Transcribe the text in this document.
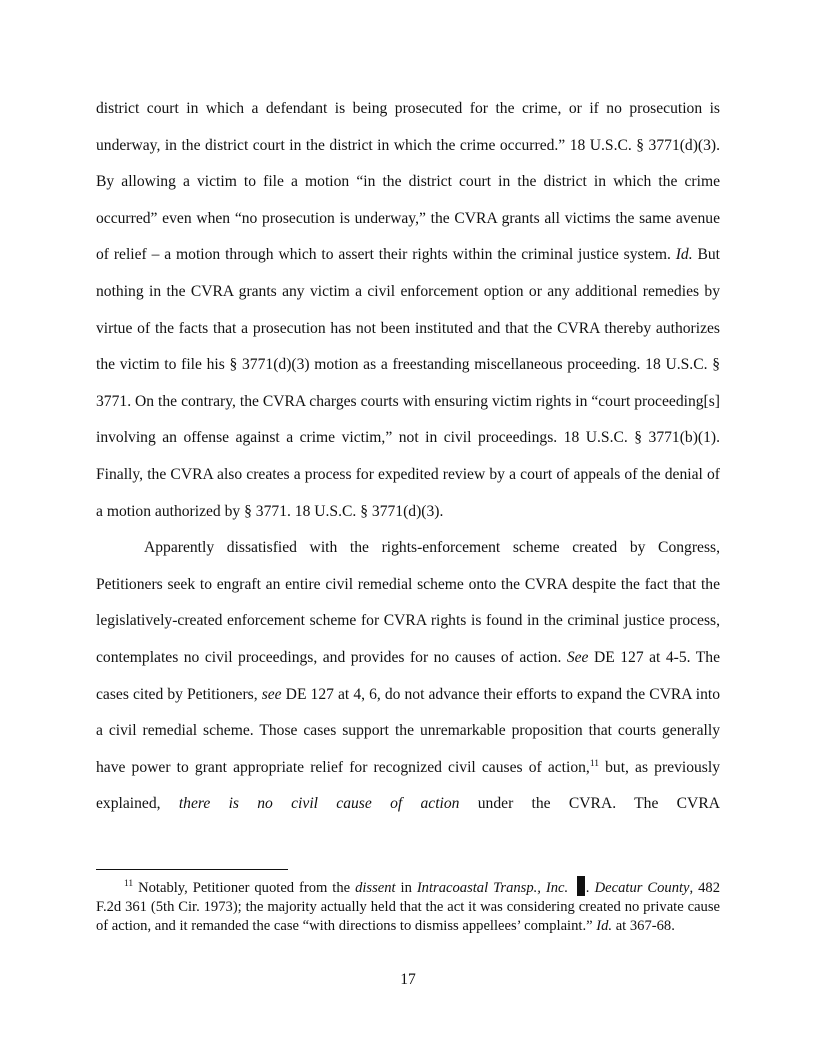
district court in which a defendant is being prosecuted for the crime, or if no prosecution is underway, in the district court in the district in which the crime occurred.” 18 U.S.C. § 3771(d)(3). By allowing a victim to file a motion “in the district court in the district in which the crime occurred” even when “no prosecution is underway,” the CVRA grants all victims the same avenue of relief – a motion through which to assert their rights within the criminal justice system. Id. But nothing in the CVRA grants any victim a civil enforcement option or any additional remedies by virtue of the facts that a prosecution has not been instituted and that the CVRA thereby authorizes the victim to file his § 3771(d)(3) motion as a freestanding miscellaneous proceeding. 18 U.S.C. § 3771. On the contrary, the CVRA charges courts with ensuring victim rights in “court proceeding[s] involving an offense against a crime victim,” not in civil proceedings. 18 U.S.C. § 3771(b)(1). Finally, the CVRA also creates a process for expedited review by a court of appeals of the denial of a motion authorized by § 3771. 18 U.S.C. § 3771(d)(3).

Apparently dissatisfied with the rights-enforcement scheme created by Congress, Petitioners seek to engraft an entire civil remedial scheme onto the CVRA despite the fact that the legislatively-created enforcement scheme for CVRA rights is found in the criminal justice process, contemplates no civil proceedings, and provides for no causes of action. See DE 127 at 4-5. The cases cited by Petitioners, see DE 127 at 4, 6, do not advance their efforts to expand the CVRA into a civil remedial scheme. Those cases support the unremarkable proposition that courts generally have power to grant appropriate relief for recognized civil causes of action,$^{11}$ but, as previously explained, there is no civil cause of action under the CVRA. The CVRA

$^{11}$ Notably, Petitioner quoted from the dissent in Intracoastal Transp., Inc. . Decatur County, 482 F.2d 361 (5th Cir. 1973); the majority actually held that the act it was considering created no private cause of action, and it remanded the case “with directions to dismiss appellees’ complaint.” Id. at 367-68.
17
